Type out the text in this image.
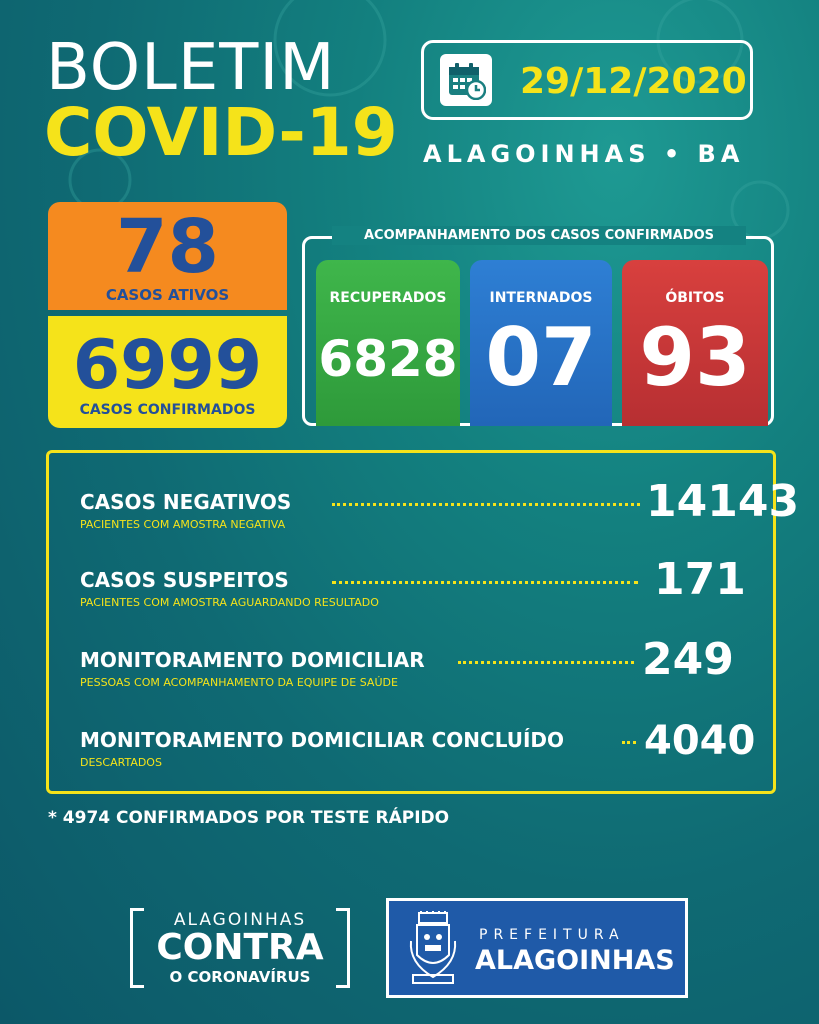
BOLETIM
COVID-19
29/12/2020
ALAGOINHAS • BA
78
CASOS ATIVOS
6999
CASOS CONFIRMADOS
ACOMPANHAMENTO DOS CASOS CONFIRMADOS
RECUPERADOS
6828
INTERNADOS
07
ÓBITOS
93
CASOS NEGATIVOS
PACIENTES COM AMOSTRA NEGATIVA	14143
CASOS SUSPEITOS
PACIENTES COM AMOSTRA AGUARDANDO RESULTADO	171
MONITORAMENTO DOMICILIAR
PESSOAS COM ACOMPANHAMENTO DA EQUIPE DE SAÚDE	249
MONITORAMENTO DOMICILIAR CONCLUÍDO
DESCARTADOS	4040
* 4974 CONFIRMADOS POR TESTE RÁPIDO
ALAGOINHAS
CONTRA
O CORONAVÍRUS
PREFEITURA
ALAGOINHAS
